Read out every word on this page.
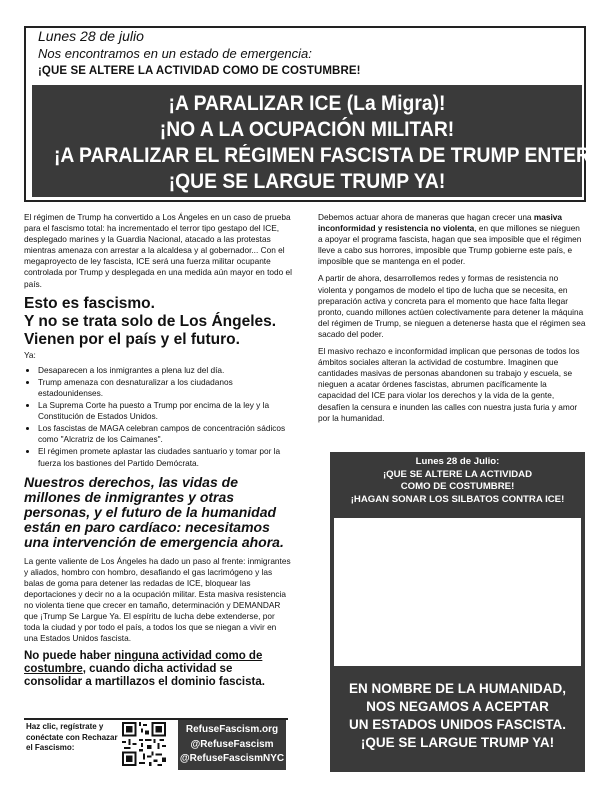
Lunes 28 de julio
Nos encontramos en un estado de emergencia:
¡QUE SE ALTERE LA ACTIVIDAD COMO DE COSTUMBRE!
¡A PARALIZAR ICE (La Migra)!
¡NO A LA OCUPACIÓN MILITAR!
¡A PARALIZAR EL RÉGIMEN FASCISTA DE TRUMP ENTERO!
¡QUE SE LARGUE TRUMP YA!

El régimen de Trump ha convertido a Los Ángeles en un caso de prueba para el fascismo total: ha incrementado el terror tipo gestapo del ICE, desplegado marines y la Guardia Nacional, atacado a las protestas mientras amenaza con arrestar a la alcaldesa y al gobernador... Con el megaproyecto de ley fascista, ICE será una fuerza militar ocupante controlada por Trump y desplegada en una medida aún mayor en todo el país.

Esto es fascismo.
Y no se trata solo de Los Ángeles.
Vienen por el país y el futuro.
Ya:
• Desaparecen a los inmigrantes a plena luz del día.
• Trump amenaza con desnaturalizar a los ciudadanos estadounidenses.
• La Suprema Corte ha puesto a Trump por encima de la ley y la Constitución de Estados Unidos.
• Los fascistas de MAGA celebran campos de concentración sádicos como "Alcratriz de los Caimanes".
• El régimen promete aplastar las ciudades santuario y tomar por la fuerza los bastiones del Partido Demócrata.
Nuestros derechos, las vidas de millones de inmigrantes y otras personas, y el futuro de la humanidad están en paro cardíaco: necesitamos una intervención de emergencia ahora.

La gente valiente de Los Ángeles ha dado un paso al frente: inmigrantes y aliados, hombro con hombro, desafiando el gas lacrimógeno y las balas de goma para detener las redadas de ICE, bloquear las deportaciones y decir no a la ocupación militar. Esta masiva resistencia no violenta tiene que crecer en tamaño, determinación y DEMANDAR que ¡Trump Se Largue Ya. El espíritu de lucha debe extenderse, por toda la ciudad y por todo el país, a todos los que se niegan a vivir en una Estados Unidos fascista.

No puede haber ninguna actividad como de costumbre, cuando dicha actividad se consolidar a martillazos el dominio fascista.

Debemos actuar ahora de maneras que hagan crecer una masiva inconformidad y resistencia no violenta, en que millones se nieguen a apoyar el programa fascista, hagan que sea imposible que el régimen lleve a cabo sus horrores, imposible que Trump gobierne este país, e imposible que se mantenga en el poder.

A partir de ahora, desarrollemos redes y formas de resistencia no violenta y pongamos de modelo el tipo de lucha que se necesita, en preparación activa y concreta para el momento que hace falta llegar pronto, cuando millones actúen colectivamente para detener la máquina del régimen de Trump, se nieguen a detenerse hasta que el régimen sea sacado del poder.

El masivo rechazo e inconformidad implican que personas de todos los ámbitos sociales alteran la actividad de costumbre. Imaginen que cantidades masivas de personas abandonen su trabajo y escuela, se nieguen a acatar órdenes fascistas, abrumen pacíficamente la capacidad del ICE para violar los derechos y la vida de la gente, desafíen la censura e inunden las calles con nuestra justa furia y amor por la humanidad.

Lunes 28 de Julio:
¡QUE SE ALTERE LA ACTIVIDAD
COMO DE COSTUMBRE!
¡HAGAN SONAR LOS SILBATOS CONTRA ICE!
EN NOMBRE DE LA HUMANIDAD,
NOS NEGAMOS A ACEPTAR
UN ESTADOS UNIDOS FASCISTA.
¡QUE SE LARGUE TRUMP YA!
Haz clic, regístrate y conéctate con Rechazar el Fascismo:
RefuseFascism.org
@RefuseFascism
@RefuseFascismNYC
